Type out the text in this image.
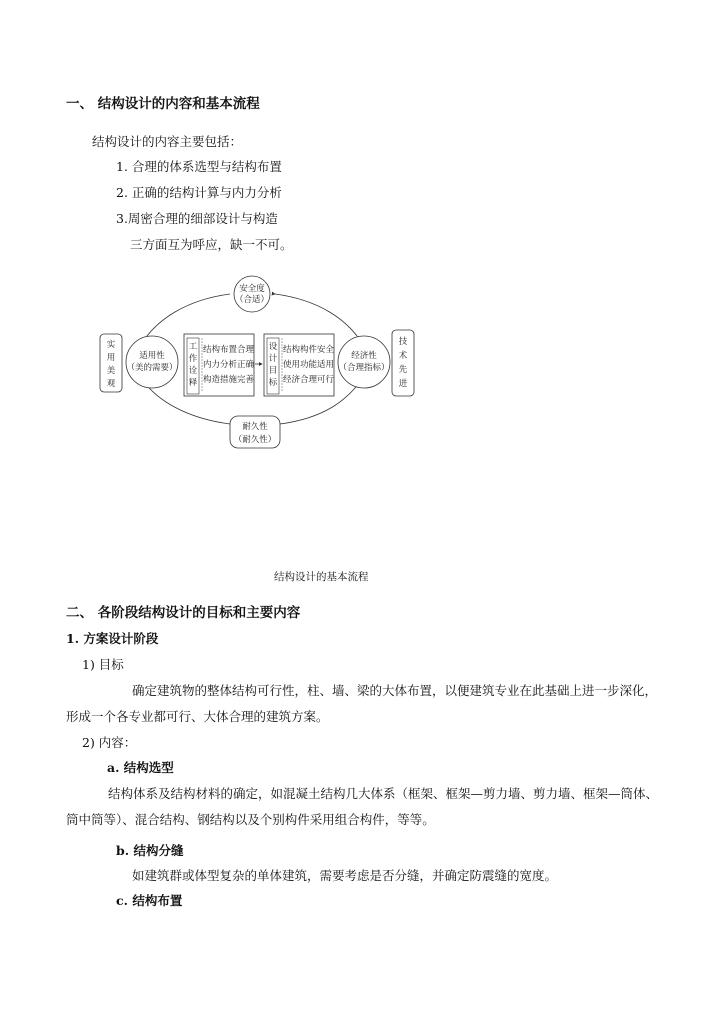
一、 结构设计的内容和基本流程
结构设计的内容主要包括：
1. 合理的体系选型与结构布置
2. 正确的结构计算与内力分析
3.周密合理的细部设计与构造
三方面互为呼应，缺一不可。
安全度
（合适）
实
用
美
观
适用性
（美的需要）
工
作
诠
释
结构布置合理
内力分析正确
构造措施完善
设
计
目
标
结构构件安全
使用功能适用
经济合理可行
经济性
（合理指标）
技
术
先
进
耐久性
（耐久性）
结构设计的基本流程
二、 各阶段结构设计的目标和主要内容
1. 方案设计阶段
1) 目标
确定建筑物的整体结构可行性，柱、墙、梁的大体布置，以便建筑专业在此基础上进一步深化，
形成一个各专业都可行、大体合理的建筑方案。
2) 内容：
a. 结构选型
结构体系及结构材料的确定，如混凝土结构几大体系（框架、框架—剪力墙、剪力墙、框架—筒体、
筒中筒等）、混合结构、钢结构以及个别构件采用组合构件，等等。
b. 结构分缝
如建筑群或体型复杂的单体建筑，需要考虑是否分缝，并确定防震缝的宽度。
c. 结构布置
